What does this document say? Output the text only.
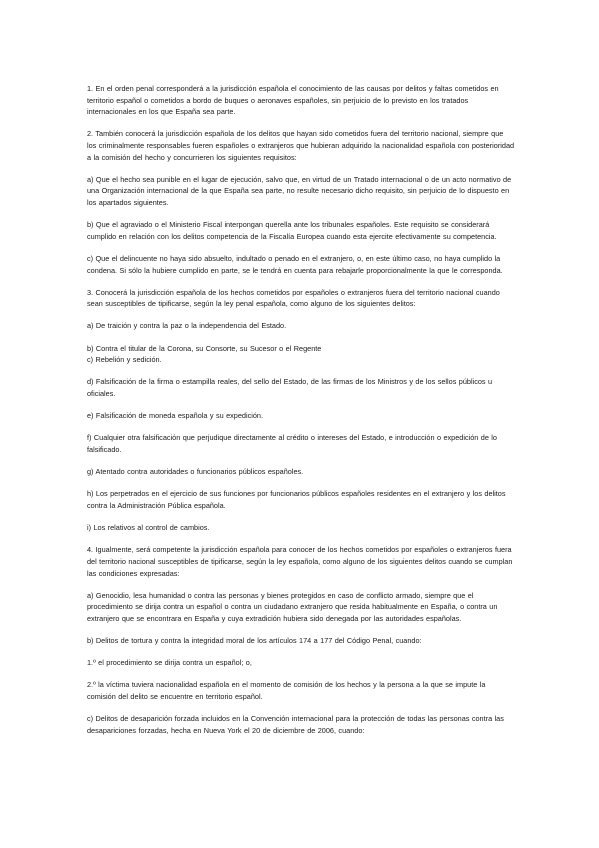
1. En el orden penal corresponderá a la jurisdicción española el conocimiento de las causas por delitos y faltas cometidos en territorio español o cometidos a bordo de buques o aeronaves españoles, sin perjuicio de lo previsto en los tratados internacionales en los que España sea parte.

2. También conocerá la jurisdicción española de los delitos que hayan sido cometidos fuera del territorio nacional, siempre que los criminalmente responsables fueren españoles o extranjeros que hubieran adquirido la nacionalidad española con posterioridad a la comisión del hecho y concurrieren los siguientes requisitos:

a) Que el hecho sea punible en el lugar de ejecución, salvo que, en virtud de un Tratado internacional o de un acto normativo de una Organización internacional de la que España sea parte, no resulte necesario dicho requisito, sin perjuicio de lo dispuesto en los apartados siguientes.

b) Que el agraviado o el Ministerio Fiscal interpongan querella ante los tribunales españoles. Este requisito se considerará cumplido en relación con los delitos competencia de la Fiscalía Europea cuando esta ejercite efectivamente su competencia.

c) Que el delincuente no haya sido absuelto, indultado o penado en el extranjero, o, en este último caso, no haya cumplido la condena. Si sólo la hubiere cumplido en parte, se le tendrá en cuenta para rebajarle proporcionalmente la que le corresponda.

3. Conocerá la jurisdicción española de los hechos cometidos por españoles o extranjeros fuera del territorio nacional cuando sean susceptibles de tipificarse, según la ley penal española, como alguno de los siguientes delitos:

a) De traición y contra la paz o la independencia del Estado.

b) Contra el titular de la Corona, su Consorte, su Sucesor o el Regente

c) Rebelión y sedición.

d) Falsificación de la firma o estampilla reales, del sello del Estado, de las firmas de los Ministros y de los sellos públicos u oficiales.

e) Falsificación de moneda española y su expedición.

f) Cualquier otra falsificación que perjudique directamente al crédito o intereses del Estado, e introducción o expedición de lo falsificado.

g) Atentado contra autoridades o funcionarios públicos españoles.

h) Los perpetrados en el ejercicio de sus funciones por funcionarios públicos españoles residentes en el extranjero y los delitos contra la Administración Pública española.

i) Los relativos al control de cambios.

4. Igualmente, será competente la jurisdicción española para conocer de los hechos cometidos por españoles o extranjeros fuera del territorio nacional susceptibles de tipificarse, según la ley española, como alguno de los siguientes delitos cuando se cumplan las condiciones expresadas:

a) Genocidio, lesa humanidad o contra las personas y bienes protegidos en caso de conflicto armado, siempre que el procedimiento se dirija contra un español o contra un ciudadano extranjero que resida habitualmente en España, o contra un extranjero que se encontrara en España y cuya extradición hubiera sido denegada por las autoridades españolas.

b) Delitos de tortura y contra la integridad moral de los artículos 174 a 177 del Código Penal, cuando:

1.º el procedimiento se dirija contra un español; o,

2.º la víctima tuviera nacionalidad española en el momento de comisión de los hechos y la persona a la que se impute la comisión del delito se encuentre en territorio español.

c) Delitos de desaparición forzada incluidos en la Convención internacional para la protección de todas las personas contra las desapariciones forzadas, hecha en Nueva York el 20 de diciembre de 2006, cuando:
